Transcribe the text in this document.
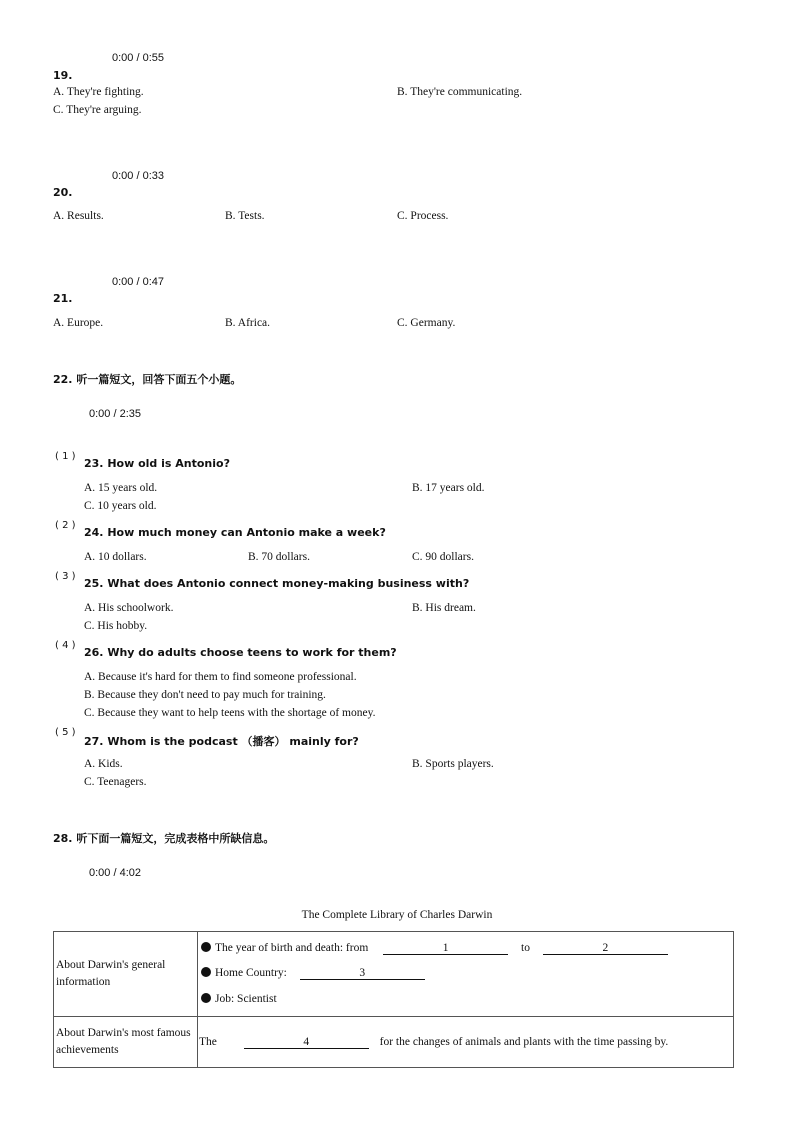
0:00 / 0:55
19.
A. They're fighting.	B. They're communicating.
C. They're arguing.
0:00 / 0:33
20.
A. Results.	B. Tests.	C. Process.
0:00 / 0:47
21.
A. Europe.	B. Africa.	C. Germany.
22. 听一篇短文，回答下面五个小题。
0:00 / 2:35
( 1 )
23. How old is Antonio?
A. 15 years old.	B. 17 years old.
C. 10 years old.
( 2 )
24. How much money can Antonio make a week?
A. 10 dollars.	B. 70 dollars.	C. 90 dollars.
( 3 )
25. What does Antonio connect money-making business with?
A. His schoolwork.	B. His dream.
C. His hobby.
( 4 )
26. Why do adults choose teens to work for them?
A. Because it's hard for them to find someone professional.
B. Because they don't need to pay much for training.
C. Because they want to help teens with the shortage of money.
( 5 )
27. Whom is the podcast （播客） mainly for?
A. Kids.	B. Sports players.
C. Teenagers.
28. 听下面一篇短文，完成表格中所缺信息。
0:00 / 4:02
The Complete Library of Charles Darwin
About Darwin's general information	The year of birth and death: from 1 to 2
Home Country: 3
Job: Scientist

About Darwin's most famous achievements	The 4 for the changes of animals and plants with the time passing by.
